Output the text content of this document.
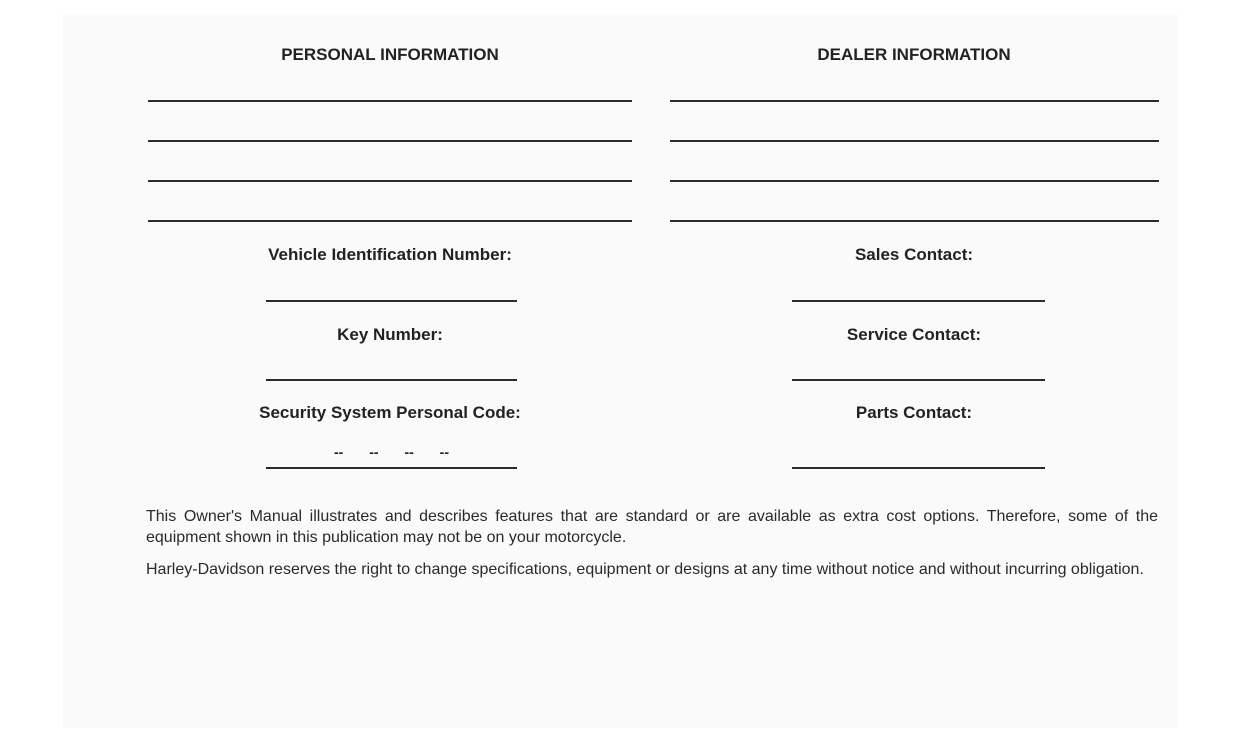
PERSONAL INFORMATION	DEALER INFORMATION
Vehicle Identification Number:
Key Number:
Security System Personal Code:
-- -- -- --
Sales Contact:
Service Contact:
Parts Contact:
This Owner's Manual illustrates and describes features that are standard or are available as extra cost options. Therefore, some of the equipment shown in this publication may not be on your motorcycle.
Harley-Davidson reserves the right to change specifications, equipment or designs at any time without notice and without incurring obligation.
